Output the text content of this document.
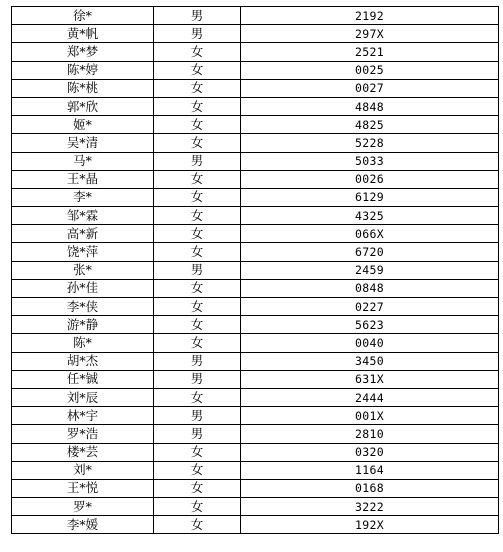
徐*	男	2192
黄*帆	男	297X
郑*梦	女	2521
陈*婷	女	0025
陈*桃	女	0027
郭*欣	女	4848
姬*	女	4825
吴*清	女	5228
马*	男	5033
王*晶	女	0026
李*	女	6129
邹*霖	女	4325
高*新	女	066X
饶*萍	女	6720
张*	男	2459
孙*佳	女	0848
李*侠	女	0227
游*静	女	5623
陈*	女	0040
胡*杰	男	3450
任*铖	男	631X
刘*辰	女	2444
林*宇	男	001X
罗*浩	男	2810
楼*芸	女	0320
刘*	女	1164
王*悦	女	0168
罗*	女	3222
李*媛	女	192X
